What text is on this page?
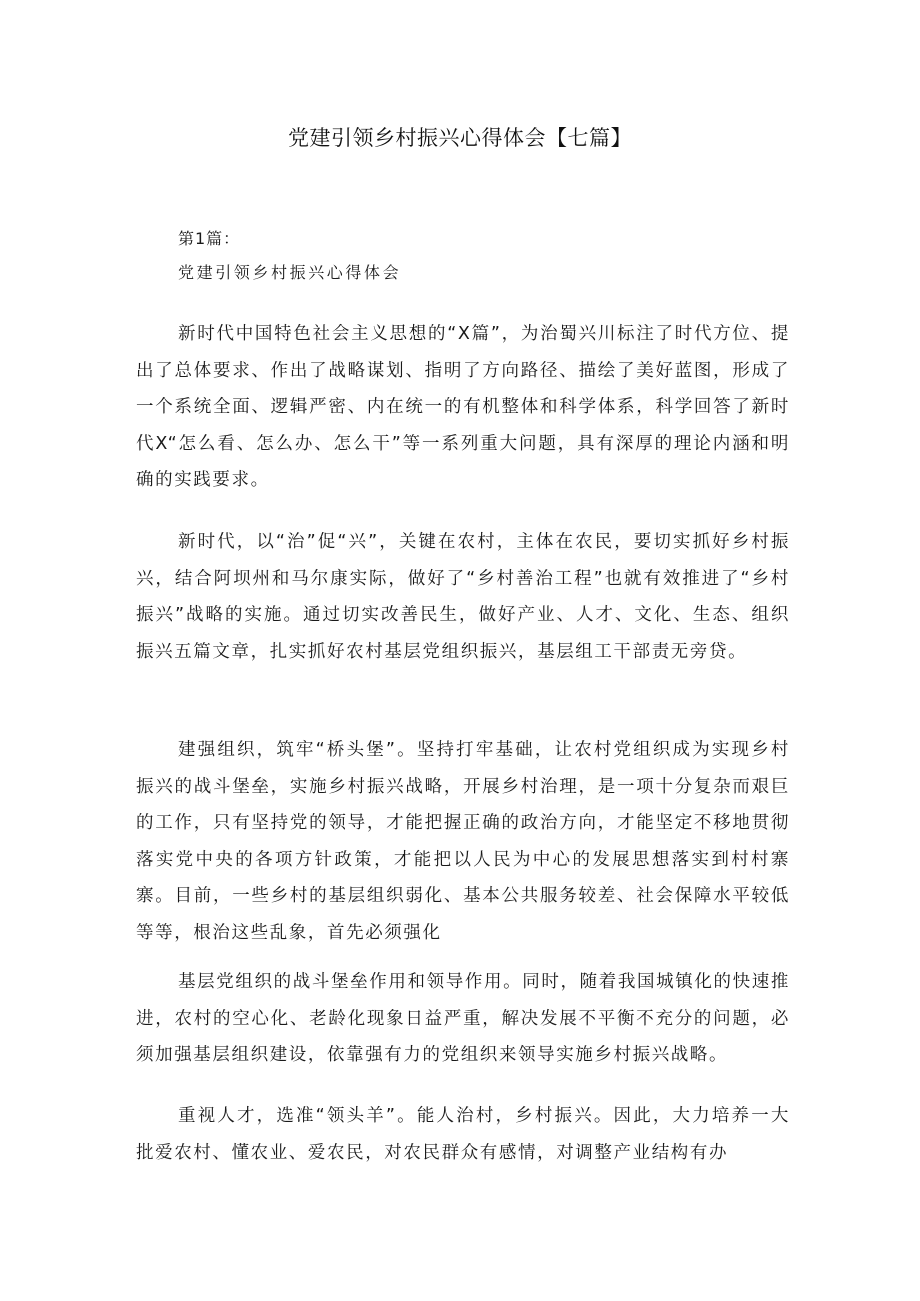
党建引领乡村振兴心得体会【七篇】
第1篇：
党建引领乡村振兴心得体会

新时代中国特色社会主义思想的“X篇”，为治蜀兴川标注了时代方位、提出了总体要求、作出了战略谋划、指明了方向路径、描绘了美好蓝图，形成了一个系统全面、逻辑严密、内在统一的有机整体和科学体系，科学回答了新时代X“怎么看、怎么办、怎么干”等一系列重大问题，具有深厚的理论内涵和明确的实践要求。

新时代，以“治”促“兴”，关键在农村，主体在农民，要切实抓好乡村振兴，结合阿坝州和马尔康实际，做好了“乡村善治工程”也就有效推进了“乡村振兴”战略的实施。通过切实改善民生，做好产业、人才、文化、生态、组织振兴五篇文章，扎实抓好农村基层党组织振兴，基层组工干部责无旁贷。

建强组织，筑牢“桥头堡”。坚持打牢基础，让农村党组织成为实现乡村振兴的战斗堡垒，实施乡村振兴战略，开展乡村治理，是一项十分复杂而艰巨的工作，只有坚持党的领导，才能把握正确的政治方向，才能坚定不移地贯彻落实党中央的各项方针政策，才能把以人民为中心的发展思想落实到村村寨寨。目前，一些乡村的基层组织弱化、基本公共服务较差、社会保障水平较低等等，根治这些乱象，首先必须强化

基层党组织的战斗堡垒作用和领导作用。同时，随着我国城镇化的快速推进，农村的空心化、老龄化现象日益严重，解决发展不平衡不充分的问题，必须加强基层组织建设，依靠强有力的党组织来领导实施乡村振兴战略。

重视人才，选准“领头羊”。能人治村，乡村振兴。因此，大力培养一大批爱农村、懂农业、爱农民，对农民群众有感情，对调整产业结构有办
